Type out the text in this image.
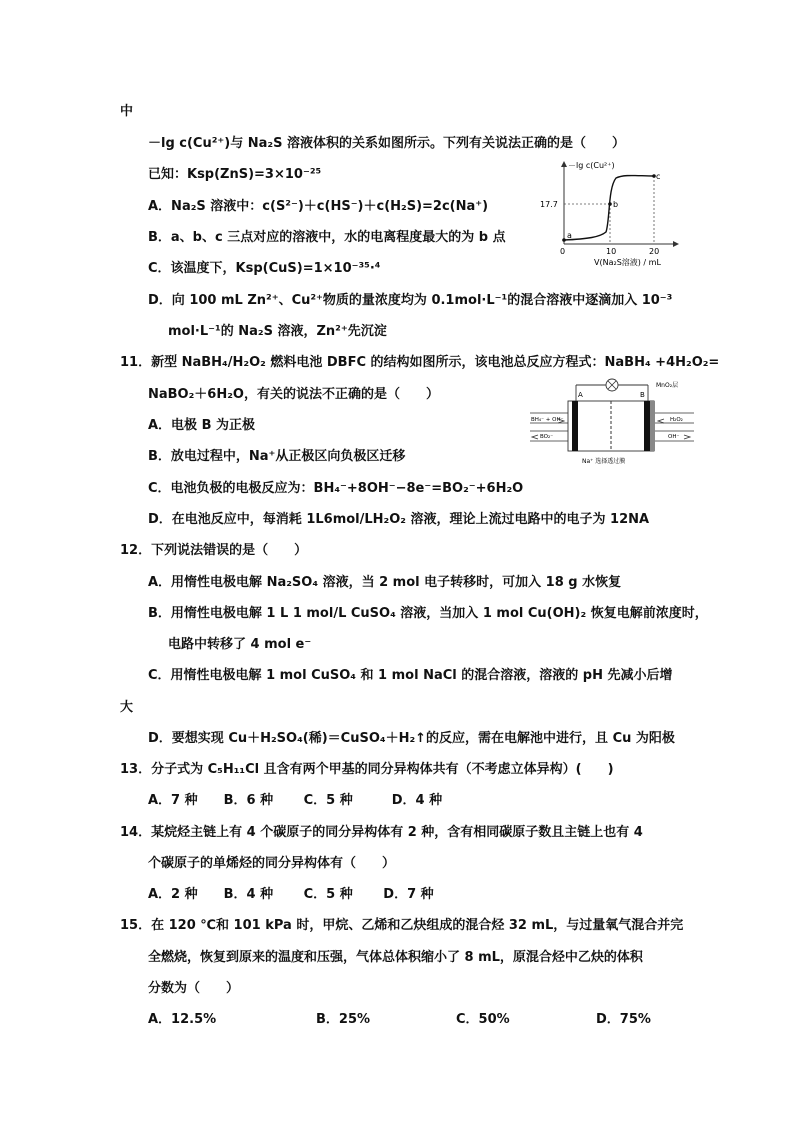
中
－lg c(Cu²⁺)与 Na₂S 溶液体积的关系如图所示。下列有关说法正确的是（　　）
已知：Ksp(ZnS)=3×10⁻²⁵
A．Na₂S 溶液中：c(S²⁻)＋c(HS⁻)＋c(H₂S)=2c(Na⁺)
B．a、b、c 三点对应的溶液中，水的电离程度最大的为 b 点
C．该温度下，Ksp(CuS)=1×10⁻³⁵·⁴
D．向 100 mL Zn²⁺、Cu²⁺物质的量浓度均为 0.1mol·L⁻¹的混合溶液中逐滴加入 10⁻³
mol·L⁻¹的 Na₂S 溶液，Zn²⁺先沉淀
11．新型 NaBH₄/H₂O₂ 燃料电池 DBFC 的结构如图所示，该电池总反应方程式：NaBH₄ +4H₂O₂=
NaBO₂＋6H₂O，有关的说法不正确的是（　　）
A．电极 B 为正极
B．放电过程中，Na⁺从正极区向负极区迁移
C．电池负极的电极反应为：BH₄⁻+8OH⁻−8e⁻=BO₂⁻+6H₂O
D．在电池反应中，每消耗 1L6mol/LH₂O₂ 溶液，理论上流过电路中的电子为 12NA
12．下列说法错误的是（　　）
A．用惰性电极电解 Na₂SO₄ 溶液，当 2 mol 电子转移时，可加入 18 g 水恢复
B．用惰性电极电解 1 L 1 mol/L CuSO₄ 溶液，当加入 1 mol Cu(OH)₂ 恢复电解前浓度时，
电路中转移了 4 mol e⁻
C．用惰性电极电解 1 mol CuSO₄ 和 1 mol NaCl 的混合溶液，溶液的 pH 先减小后增
大
D．要想实现 Cu＋H₂SO₄(稀)＝CuSO₄＋H₂↑的反应，需在电解池中进行，且 Cu 为阳极
13．分子式为 C₅H₁₁Cl 且含有两个甲基的同分异构体共有（不考虑立体异构）(　　)
A．7 种　　B．6 种　　 C．5 种　　　D．4 种
14．某烷烃主链上有 4 个碳原子的同分异构体有 2 种，含有相同碳原子数且主链上也有 4
个碳原子的单烯烃的同分异构体有（　　）
A．2 种　　B．4 种　　 C．5 种　　 D．7 种
15．在 120 ℃和 101 kPa 时，甲烷、乙烯和乙炔组成的混合烃 32 mL，与过量氧气混合并完
全燃烧，恢复到原来的温度和压强，气体总体积缩小了 8 mL，原混合烃中乙炔的体积
分数为（　　）
A．12.5%	B．25%	C．50%	D．75%
a
b
c
－lg c(Cu²⁺)
17.7
0	10	20
V(Na₂S溶液) / mL
A	B
MnO₂层
BH₄⁻ + OH⁻
BO₂⁻
H₂O₂
OH⁻
Na⁺ 选择透过膜
